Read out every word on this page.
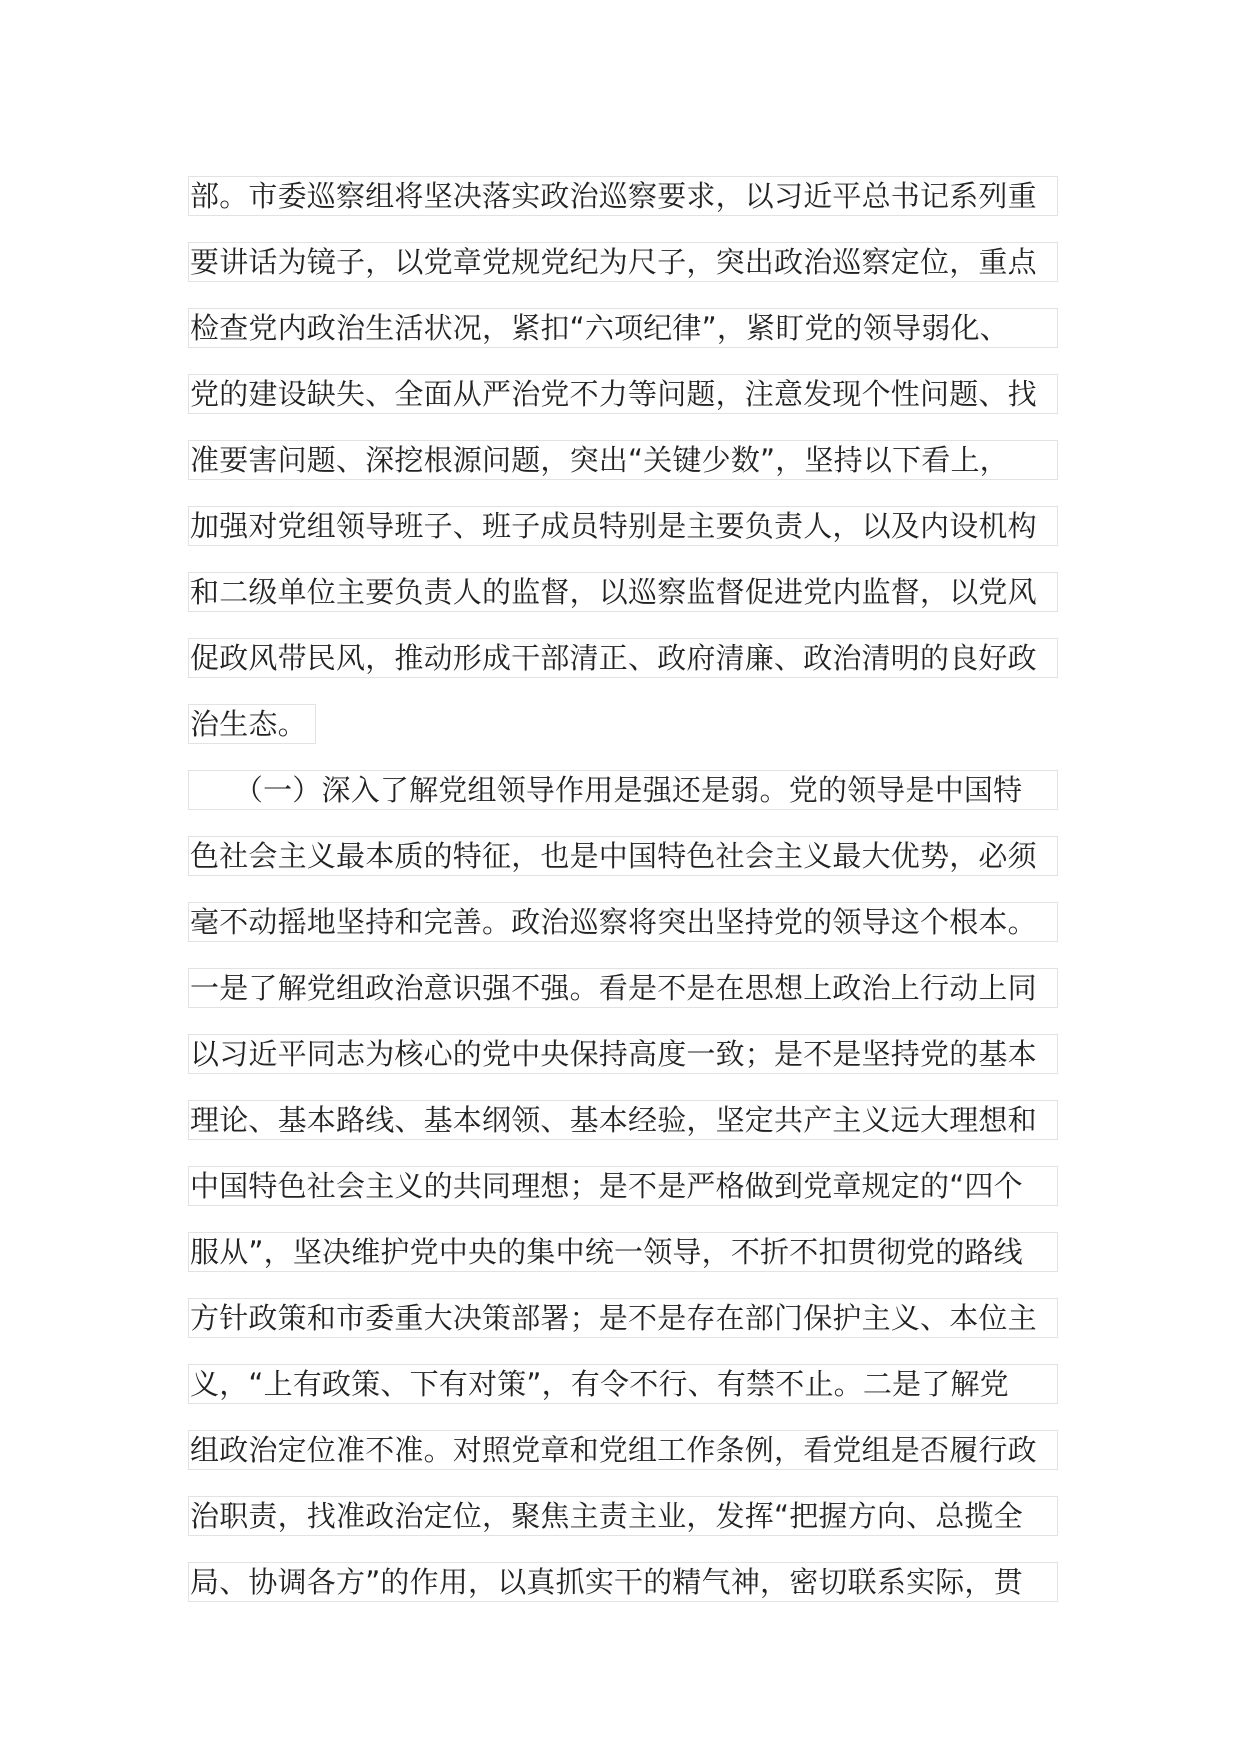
部。市委巡察组将坚决落实政治巡察要求，以习近平总书记系列重
要讲话为镜子，以党章党规党纪为尺子，突出政治巡察定位，重点
检查党内政治生活状况，紧扣“六项纪律”，紧盯党的领导弱化、
党的建设缺失、全面从严治党不力等问题，注意发现个性问题、找
准要害问题、深挖根源问题，突出“关键少数”，坚持以下看上，
加强对党组领导班子、班子成员特别是主要负责人，以及内设机构
和二级单位主要负责人的监督，以巡察监督促进党内监督，以党风
促政风带民风，推动形成干部清正、政府清廉、政治清明的良好政
治生态。
　　（一）深入了解党组领导作用是强还是弱。党的领导是中国特
色社会主义最本质的特征，也是中国特色社会主义最大优势，必须
毫不动摇地坚持和完善。政治巡察将突出坚持党的领导这个根本。
一是了解党组政治意识强不强。看是不是在思想上政治上行动上同
以习近平同志为核心的党中央保持高度一致；是不是坚持党的基本
理论、基本路线、基本纲领、基本经验，坚定共产主义远大理想和
中国特色社会主义的共同理想；是不是严格做到党章规定的“四个
服从”，坚决维护党中央的集中统一领导，不折不扣贯彻党的路线
方针政策和市委重大决策部署；是不是存在部门保护主义、本位主
义，“上有政策、下有对策”，有令不行、有禁不止。二是了解党
组政治定位准不准。对照党章和党组工作条例，看党组是否履行政
治职责，找准政治定位，聚焦主责主业，发挥“把握方向、总揽全
局、协调各方”的作用，以真抓实干的精气神，密切联系实际，贯
